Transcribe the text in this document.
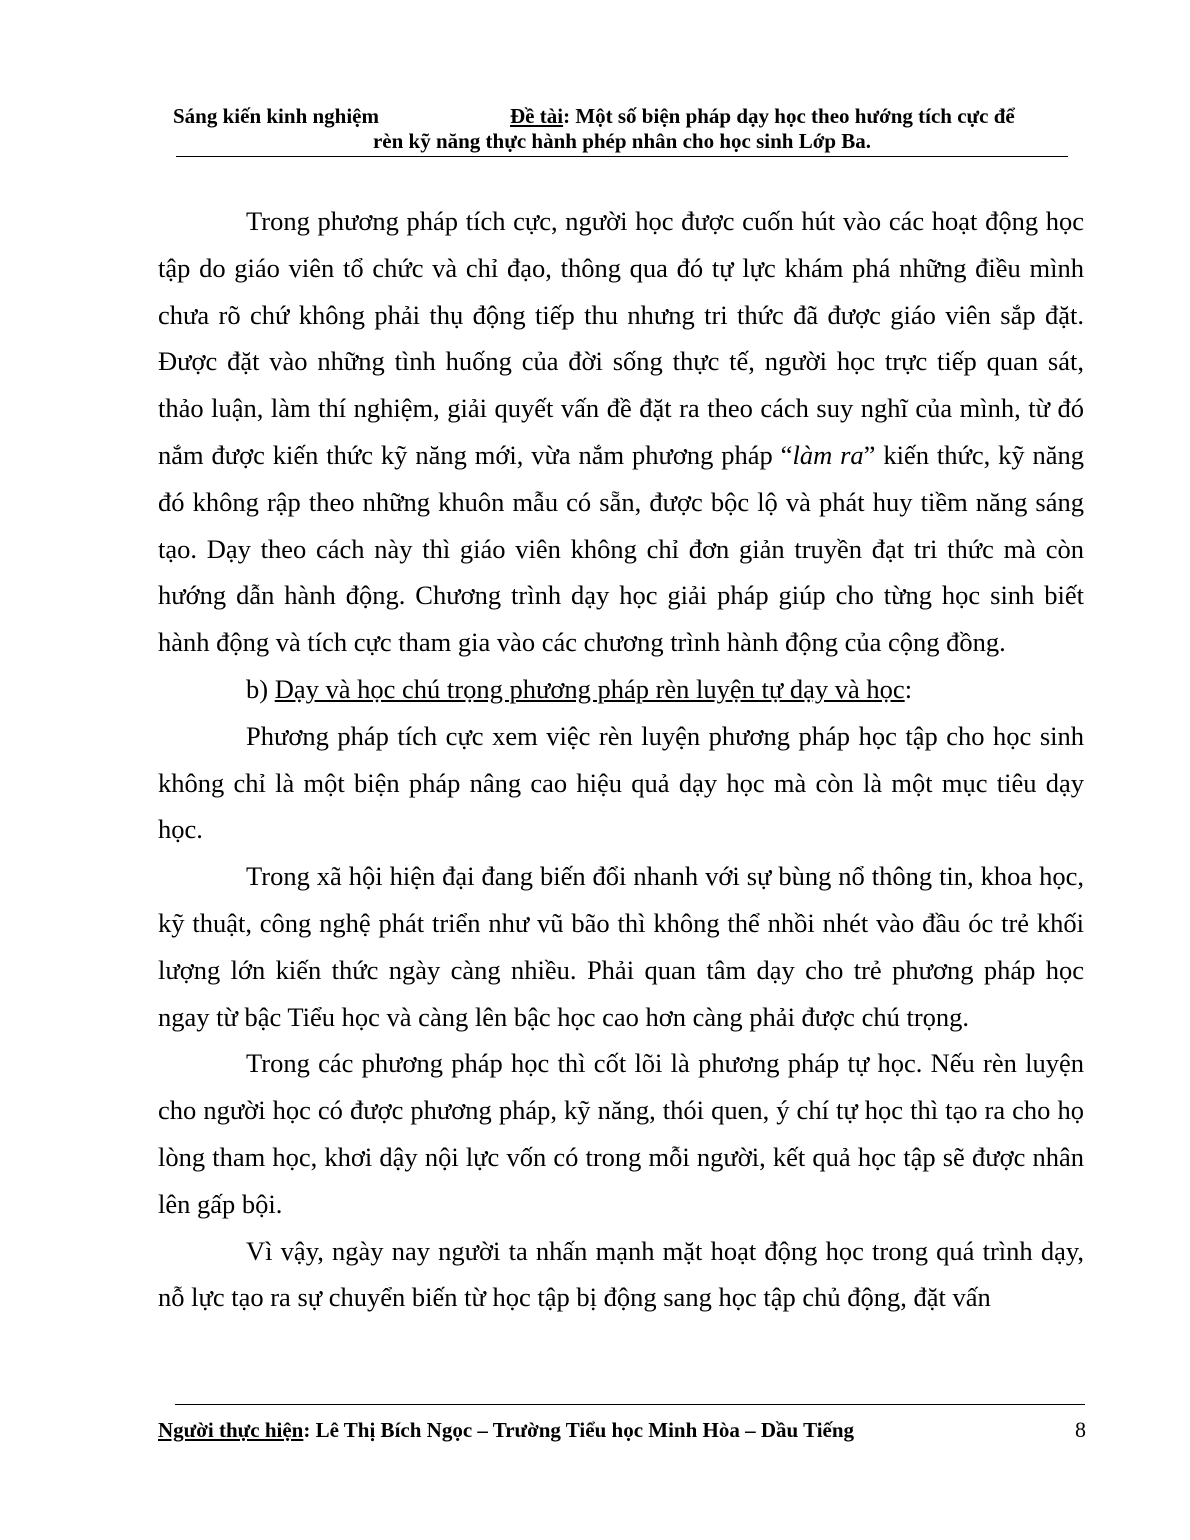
Sáng kiến kinh nghiệm	Đề tài: Một số biện pháp dạy học theo hướng tích cực để
rèn kỹ năng thực hành phép nhân cho học sinh Lớp Ba.

Trong phương pháp tích cực, người học được cuốn hút vào các hoạt động học tập do giáo viên tổ chức và chỉ đạo, thông qua đó tự lực khám phá những điều mình chưa rõ chứ không phải thụ động tiếp thu nhưng tri thức đã được giáo viên sắp đặt. Được đặt vào những tình huống của đời sống thực tế, người học trực tiếp quan sát, thảo luận, làm thí nghiệm, giải quyết vấn đề đặt ra theo cách suy nghĩ của mình, từ đó nắm được kiến thức kỹ năng mới, vừa nắm phương pháp “làm ra” kiến thức, kỹ năng đó không rập theo những khuôn mẫu có sẵn, được bộc lộ và phát huy tiềm năng sáng tạo. Dạy theo cách này thì giáo viên không chỉ đơn giản truyền đạt tri thức mà còn hướng dẫn hành động. Chương trình dạy học giải pháp giúp cho từng học sinh biết hành động và tích cực tham gia vào các chương trình hành động của cộng đồng.

b) Dạy và học chú trọng phương pháp rèn luyện tự dạy và học:

Phương pháp tích cực xem việc rèn luyện phương pháp học tập cho học sinh không chỉ là một biện pháp nâng cao hiệu quả dạy học mà còn là một mục tiêu dạy học.

Trong xã hội hiện đại đang biến đổi nhanh với sự bùng nổ thông tin, khoa học, kỹ thuật, công nghệ phát triển như vũ bão thì không thể nhồi nhét vào đầu óc trẻ khối lượng lớn kiến thức ngày càng nhiều. Phải quan tâm dạy cho trẻ phương pháp học ngay từ bậc Tiểu học và càng lên bậc học cao hơn càng phải được chú trọng.

Trong các phương pháp học thì cốt lõi là phương pháp tự học. Nếu rèn luyện cho người học có được phương pháp, kỹ năng, thói quen, ý chí tự học thì tạo ra cho họ lòng tham học, khơi dậy nội lực vốn có trong mỗi người, kết quả học tập sẽ được nhân lên gấp bội.

Vì vậy, ngày nay người ta nhấn mạnh mặt hoạt động học trong quá trình dạy, nỗ lực tạo ra sự chuyển biến từ học tập bị động sang học tập chủ động, đặt vấn

Người thực hiện: Lê Thị Bích Ngọc – Trường Tiểu học Minh Hòa – Dầu Tiếng	8
